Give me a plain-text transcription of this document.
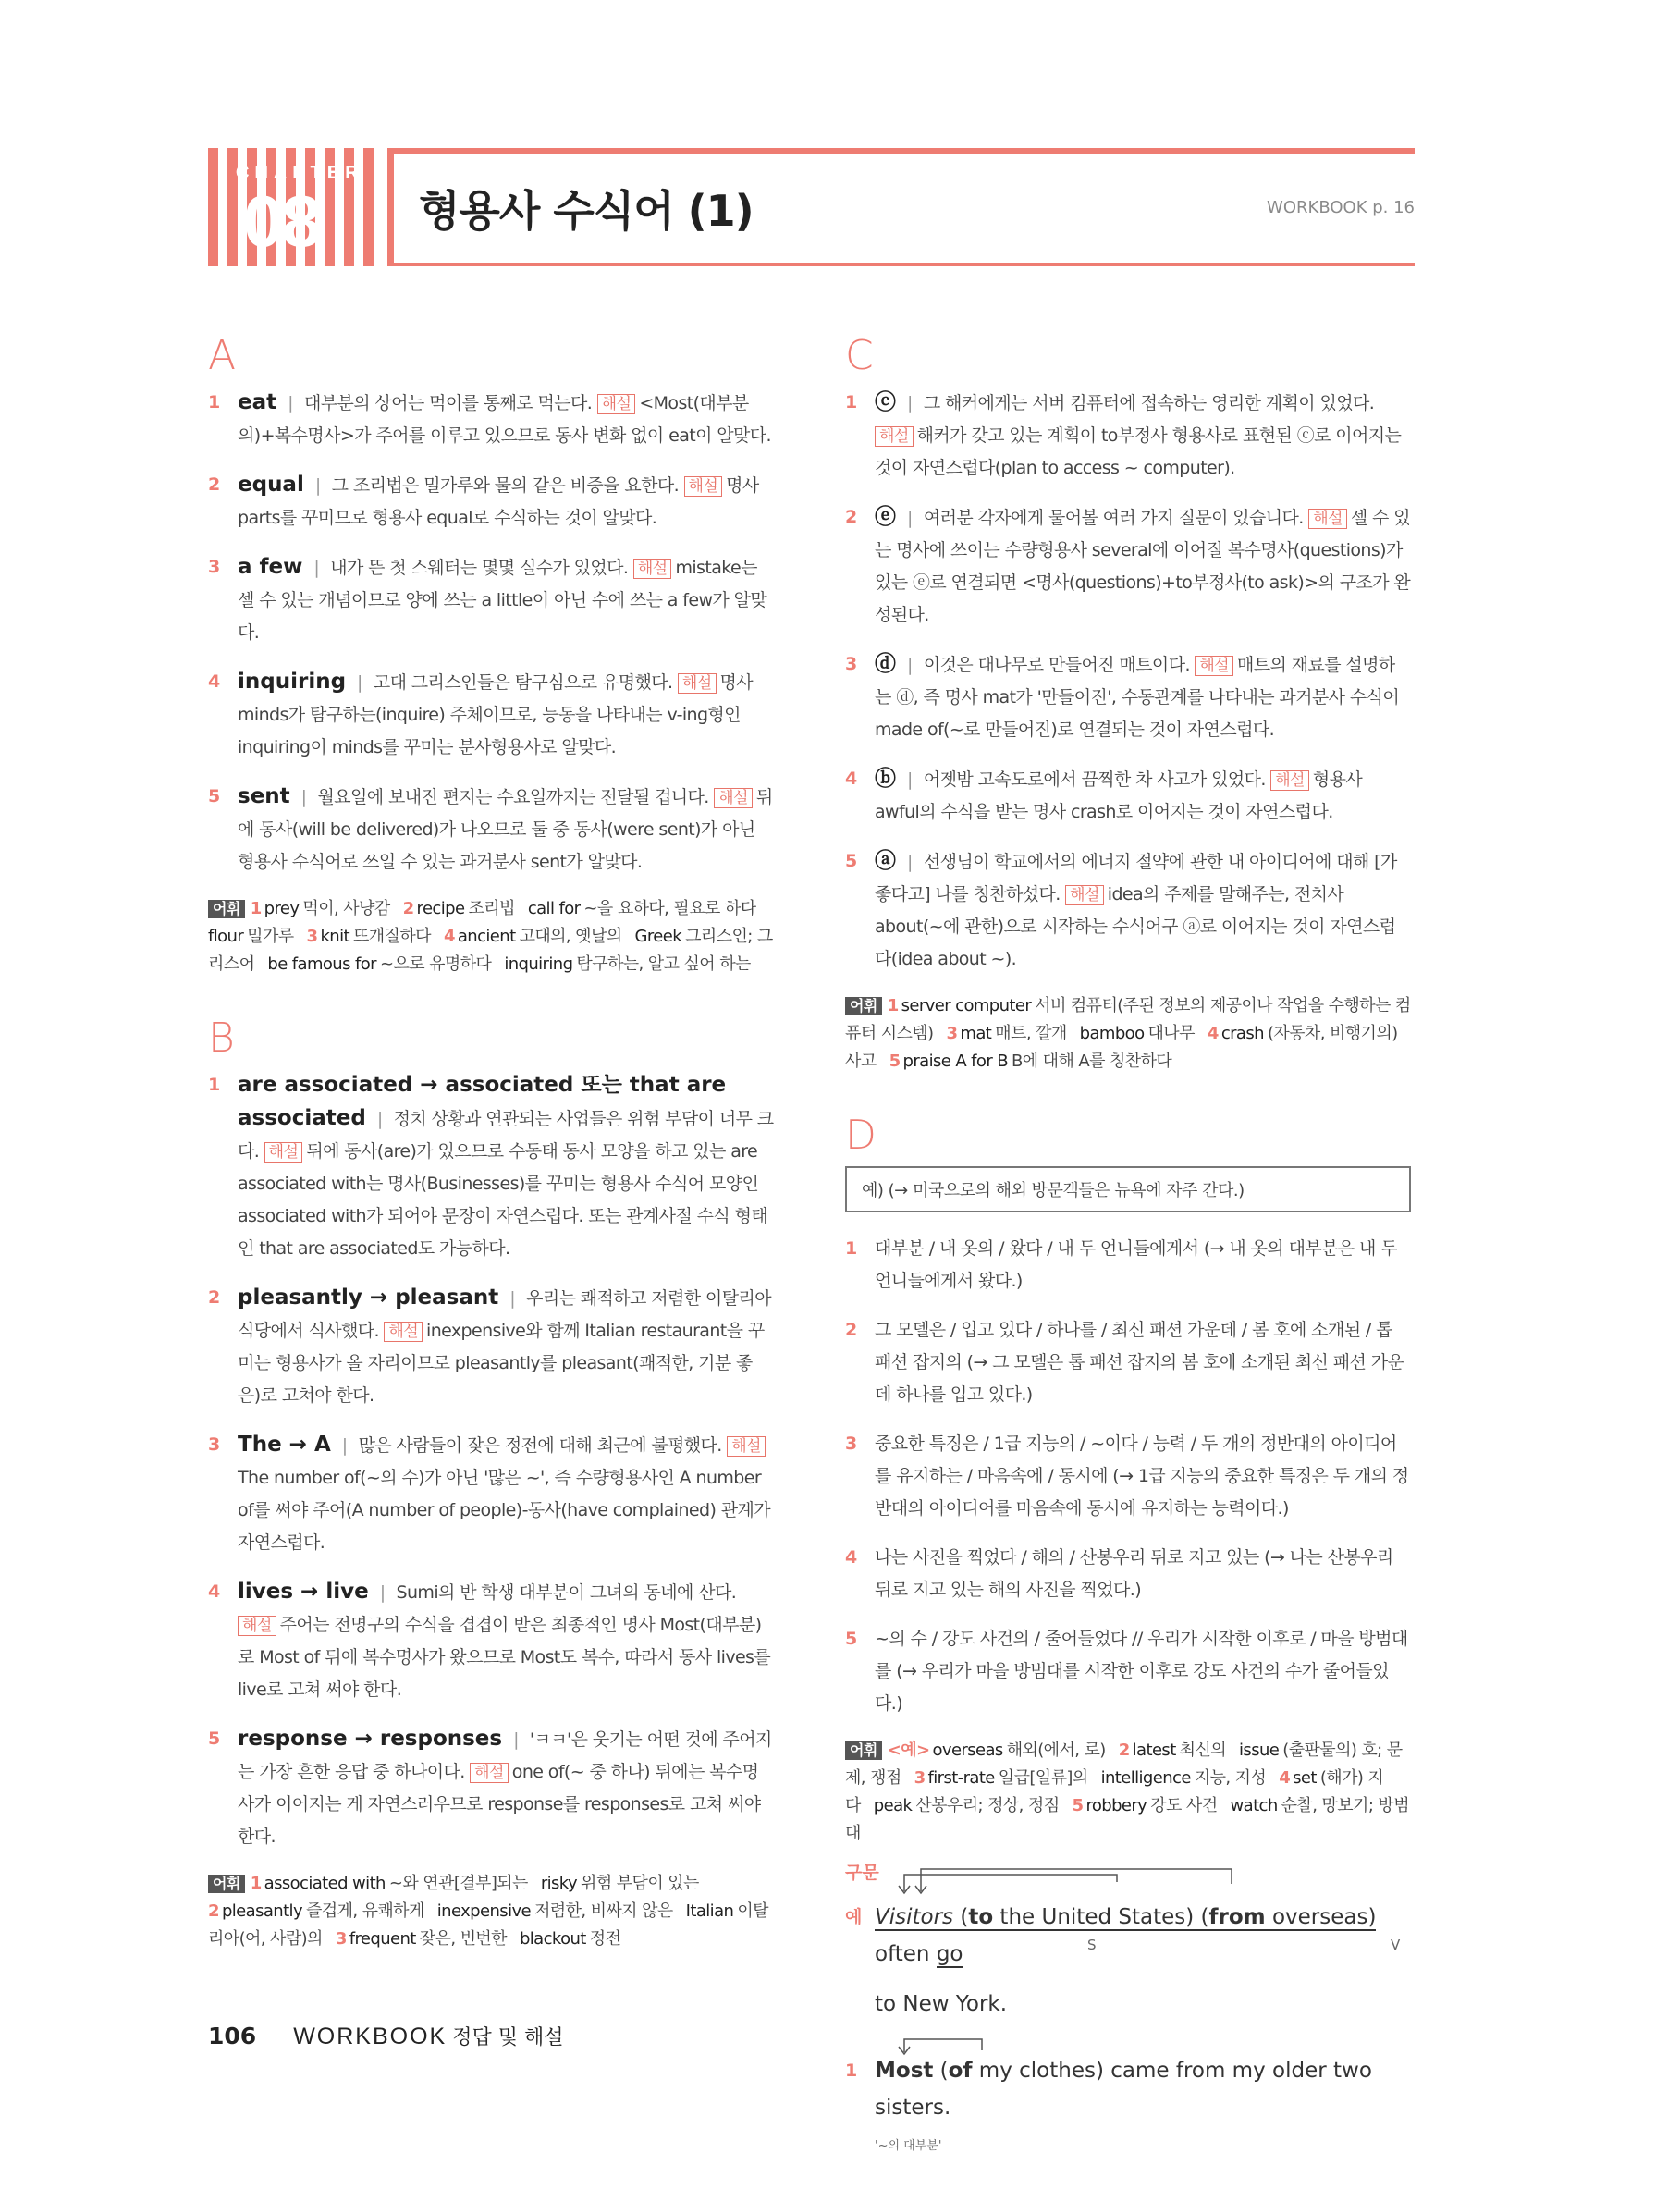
CHAPTER
08 형용사 수식어 (1)	WORKBOOK p. 16
A
1 eat | 대부분의 상어는 먹이를 통째로 먹는다. 해설 <Most(대부분의)+복수명사>가 주어를 이루고 있으므로 동사 변화 없이 eat이 알맞다.
2 equal | 그 조리법은 밀가루와 물의 같은 비중을 요한다. 해설 명사 parts를 꾸미므로 형용사 equal로 수식하는 것이 알맞다.
3 a few | 내가 뜬 첫 스웨터는 몇몇 실수가 있었다. 해설 mistake는 셀 수 있는 개념이므로 양에 쓰는 a little이 아닌 수에 쓰는 a few가 알맞다.
4 inquiring | 고대 그리스인들은 탐구심으로 유명했다. 해설 명사 minds가 탐구하는(inquire) 주체이므로, 능동을 나타내는 v-ing형인 inquiring이 minds를 꾸미는 분사형용사로 알맞다.
5 sent | 월요일에 보내진 편지는 수요일까지는 전달될 겁니다. 해설 뒤에 동사(will be delivered)가 나오므로 둘 중 동사(were sent)가 아닌 형용사 수식어로 쓰일 수 있는 과거분사 sent가 알맞다.
어휘 1 prey 먹이, 사냥감 2 recipe 조리법 call for ~을 요하다, 필요로 하다flour 밀가루 3 knit 뜨개질하다 4 ancient 고대의, 옛날의 Greek 그리스인; 그리스어 be famous for ~으로 유명하다 inquiring 탐구하는, 알고 싶어 하는
B
1 are associated → associated 또는 that are associated | 정치 상황과 연관되는 사업들은 위험 부담이 너무 크다. 해설 뒤에 동사(are)가 있으므로 수동태 동사 모양을 하고 있는 are associated with는 명사(Businesses)를 꾸미는 형용사 수식어 모양인 associated with가 되어야 문장이 자연스럽다. 또는 관계사절 수식 형태인 that are associated도 가능하다.
2 pleasantly → pleasant | 우리는 쾌적하고 저렴한 이탈리아 식당에서 식사했다. 해설 inexpensive와 함께 Italian restaurant을 꾸미는 형용사가 올 자리이므로 pleasantly를 pleasant(쾌적한, 기분 좋은)로 고쳐야 한다.
3 The → A | 많은 사람들이 잦은 정전에 대해 최근에 불평했다. 해설The number of(~의 수)가 아닌 '많은 ~', 즉 수량형용사인 A number of를 써야 주어(A number of people)-동사(have complained) 관계가 자연스럽다.
4 lives → live | Sumi의 반 학생 대부분이 그녀의 동네에 산다. 해설 주어는 전명구의 수식을 겹겹이 받은 최종적인 명사 Most(대부분)로 Most of 뒤에 복수명사가 왔으므로 Most도 복수, 따라서 동사 lives를 live로 고쳐 써야 한다.
5 response → responses | 'ㅋㅋ'은 웃기는 어떤 것에 주어지는 가장 흔한 응답 중 하나이다. 해설 one of(~ 중 하나) 뒤에는 복수명사가 이어지는 게 자연스러우므로 response를 responses로 고쳐 써야 한다.
어휘 1 associated with ~와 연관[결부]되는 risky 위험 부담이 있는2 pleasantly 즐겁게, 유쾌하게 inexpensive 저렴한, 비싸지 않은 Italian 이탈리아(어, 사람)의 3 frequent 잦은, 빈번한 blackout 정전
C
1 ⓒ | 그 해커에게는 서버 컴퓨터에 접속하는 영리한 계획이 있었다. 해설 해커가 갖고 있는 계획이 to부정사 형용사로 표현된 ⓒ로 이어지는 것이 자연스럽다(plan to access ~ computer).
2 ⓔ | 여러분 각자에게 물어볼 여러 가지 질문이 있습니다. 해설 셀 수 있는 명사에 쓰이는 수량형용사 several에 이어질 복수명사(questions)가 있는 ⓔ로 연결되면 <명사(questions)+to부정사(to ask)>의 구조가 완성된다.
3 ⓓ | 이것은 대나무로 만들어진 매트이다. 해설 매트의 재료를 설명하는 ⓓ, 즉 명사 mat가 '만들어진', 수동관계를 나타내는 과거분사 수식어 made of(~로 만들어진)로 연결되는 것이 자연스럽다.
4 ⓑ | 어젯밤 고속도로에서 끔찍한 차 사고가 있었다. 해설 형용사 awful의 수식을 받는 명사 crash로 이어지는 것이 자연스럽다.
5 ⓐ | 선생님이 학교에서의 에너지 절약에 관한 내 아이디어에 대해 [가 좋다고] 나를 칭찬하셨다. 해설 idea의 주제를 말해주는, 전치사 about(~에 관한)으로 시작하는 수식어구 ⓐ로 이어지는 것이 자연스럽다(idea about ~).
어휘 1 server computer 서버 컴퓨터(주된 정보의 제공이나 작업을 수행하는 컴퓨터 시스템) 3 mat 매트, 깔개 bamboo 대나무 4 crash (자동차, 비행기의) 사고 5 praise A for B B에 대해 A를 칭찬하다
D
예) (→ 미국으로의 해외 방문객들은 뉴욕에 자주 간다.)
1 대부분 / 내 옷의 / 왔다 / 내 두 언니들에게서 (→ 내 옷의 대부분은 내 두 언니들에게서 왔다.)
2 그 모델은 / 입고 있다 / 하나를 / 최신 패션 가운데 / 봄 호에 소개된 / 톱 패션 잡지의 (→ 그 모델은 톱 패션 잡지의 봄 호에 소개된 최신 패션 가운데 하나를 입고 있다.)
3 중요한 특징은 / 1급 지능의 / ~이다 / 능력 / 두 개의 정반대의 아이디어를 유지하는 / 마음속에 / 동시에 (→ 1급 지능의 중요한 특징은 두 개의 정반대의 아이디어를 마음속에 동시에 유지하는 능력이다.)
4 나는 사진을 찍었다 / 해의 / 산봉우리 뒤로 지고 있는 (→ 나는 산봉우리 뒤로 지고 있는 해의 사진을 찍었다.)
5 ~의 수 / 강도 사건의 / 줄어들었다 // 우리가 시작한 이후로 / 마을 방범대를 (→ 우리가 마을 방범대를 시작한 이후로 강도 사건의 수가 줄어들었다.)
어휘 <예> overseas 해외(에서, 로) 2 latest 최신의 issue (출판물의) 호; 문제, 쟁점 3 first-rate 일급[일류]의 intelligence 지능, 지성 4 set (해가) 지다 peak 산봉우리; 정상, 정점 5 robbery 강도 사건 watch 순찰, 망보기; 방범대
구문
예 Visitors (to the United States) (from overseas) often go	S	V
to New York.
1 Most (of my clothes) came from my older two sisters.
'~의 대부분'
106 WORKBOOK 정답 및 해설
